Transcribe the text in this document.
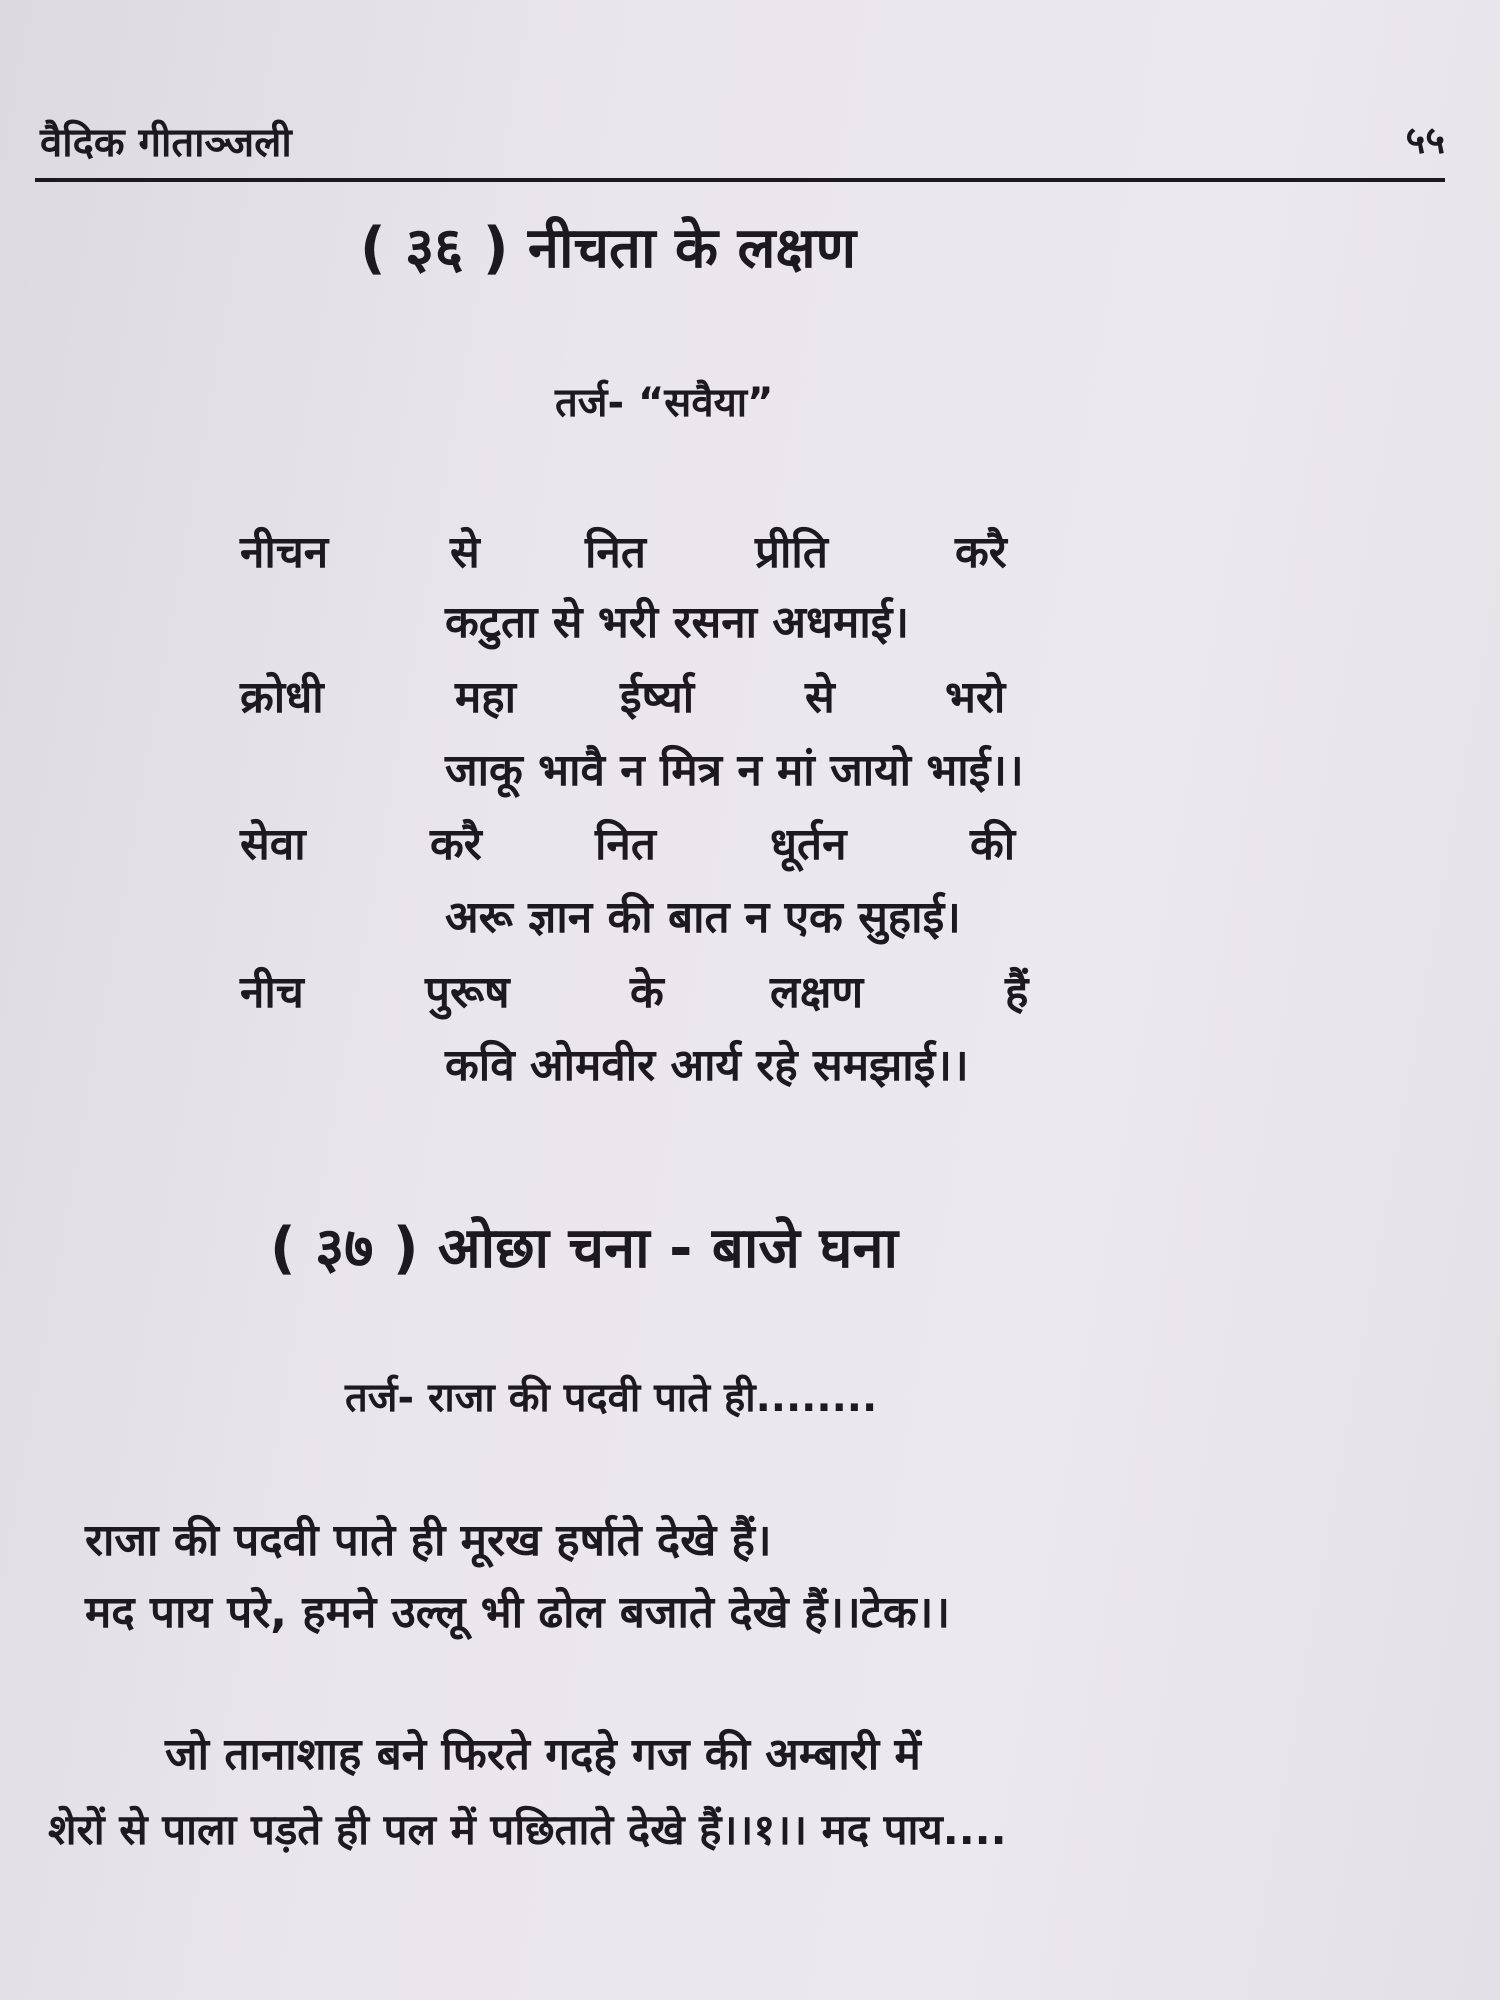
वैदिक गीताञ्जली	५५
( ३६ ) नीचता के लक्षण
तर्ज- “सवैया”
नीचन	से नित प्रीति	करै
कटुता से भरी रसना अधमाई।
क्रोधी	महा ईर्ष्या	से	भरो
जाकू भावै न मित्र न मां जायो भाई।।
सेवा	करै	नित	धूर्तन	की
अरू ज्ञान की बात न एक सुहाई।
नीच	पुरूष	के लक्षण	हैं
कवि ओमवीर आर्य रहे समझाई।।
( ३७ ) ओछा चना - बाजे घना
तर्ज- राजा की पदवी पाते ही........
राजा की पदवी पाते ही मूरख हर्षाते देखे हैं।
मद पाय परे, हमने उल्लू भी ढोल बजाते देखे हैं।।टेक।।
जो तानाशाह बने फिरते गदहे गज की अम्बारी में
शेरों से पाला पड़ते ही पल में पछिताते देखे हैं।।१।। मद पाय....
